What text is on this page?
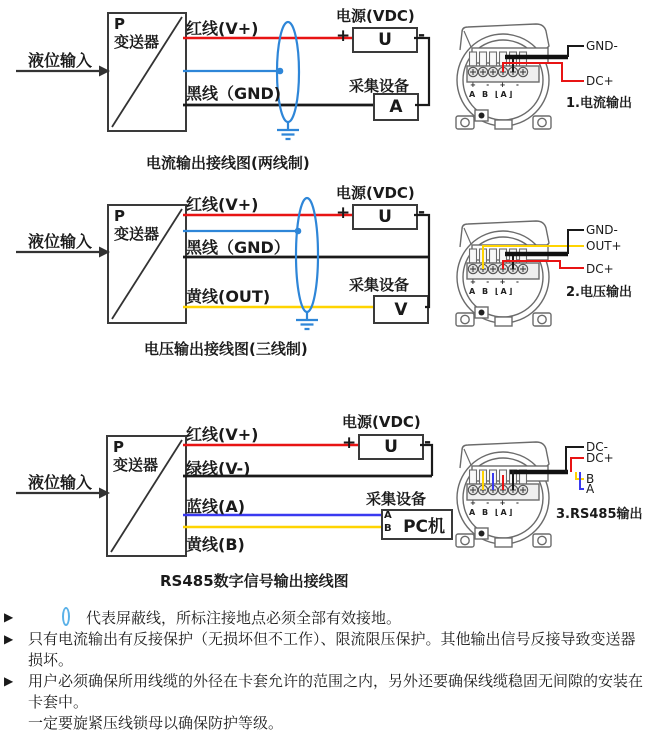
P
变送器
液位输入
红线(V+)
黑线（GND)
电源(VDC)
+	-
U
采集设备
A
GND-
DC+
1.电流输出
+ - + -
A B ⌊A⌋
电流输出接线图(两线制)
P
变送器
液位输入
红线(V+)
黑线（GND）
黄线(OUT)
电源(VDC)
+	-
U
采集设备
V
GND-
OUT+
DC+
2.电压输出
+ - + -
A B ⌊A⌋
电压输出接线图(三线制)
P
变送器
液位输入
红线(V+)
绿线(V-)
蓝线(A)
黄线(B)
电源(VDC)
+	-
U
采集设备
PC机
A
B
DC-
DC+
B
A
3.RS485输出
+ - + -
A B ⌊A⌋
RS485数字信号输出接线图
▶	代表屏蔽线，所标注接地点必须全部有效接地。
▶ 只有电流输出有反接保护（无损坏但不工作）、限流限压保护。其他输出信号反接导致变送器损坏。
▶ 用户必须确保所用线缆的外径在卡套允许的范围之内，另外还要确保线缆稳固无间隙的安装在卡套中。
一定要旋紧压线锁母以确保防护等级。
